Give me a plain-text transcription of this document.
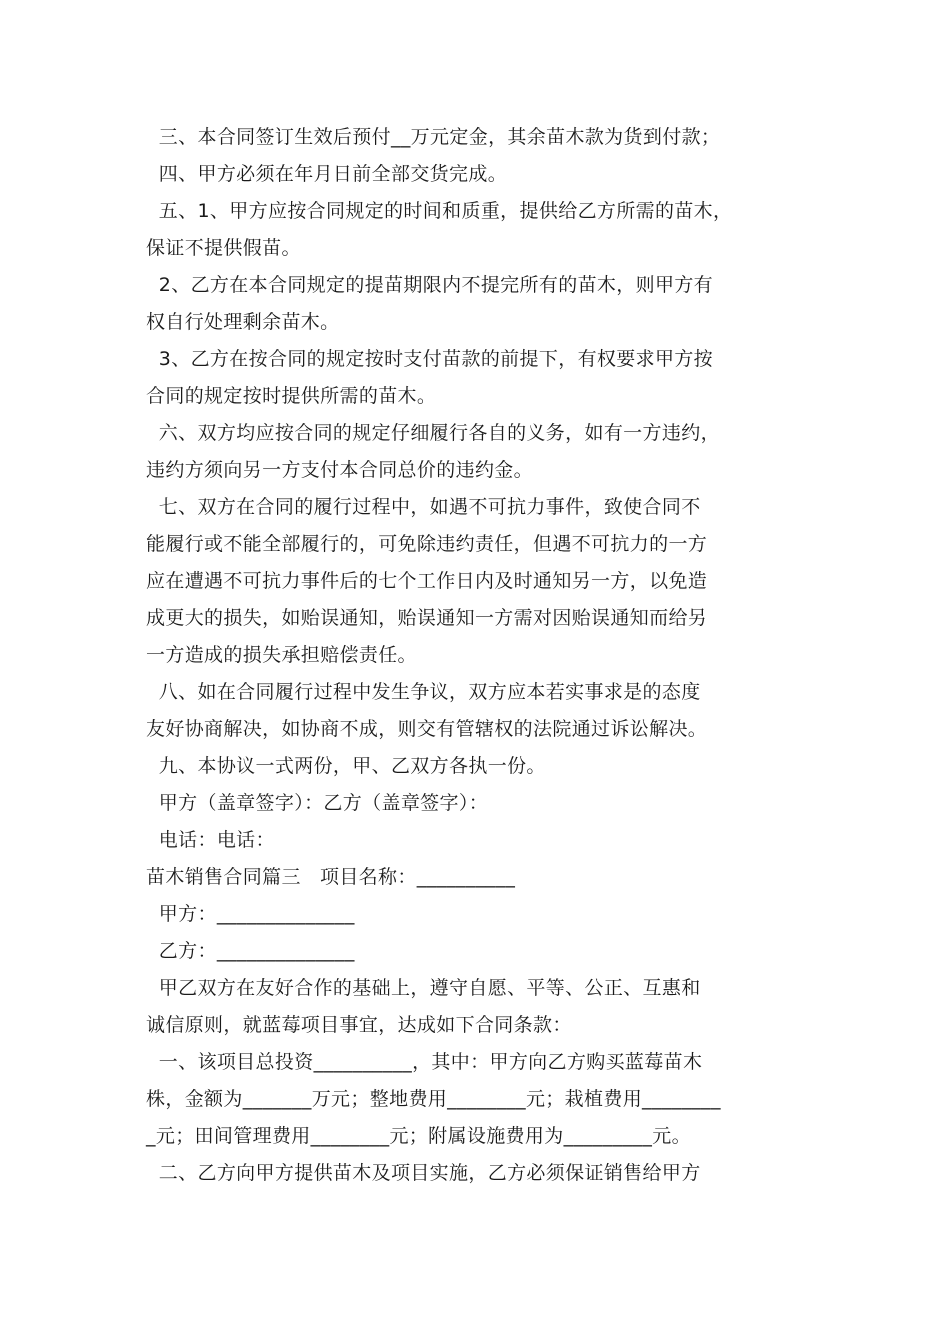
三、本合同签订生效后预付__万元定金，其余苗木款为货到付款；
四、甲方必须在年月日前全部交货完成。
五、1、甲方应按合同规定的时间和质重，提供给乙方所需的苗木，
保证不提供假苗。
2、乙方在本合同规定的提苗期限内不提完所有的苗木，则甲方有
权自行处理剩余苗木。
3、乙方在按合同的规定按时支付苗款的前提下，有权要求甲方按
合同的规定按时提供所需的苗木。
六、双方均应按合同的规定仔细履行各自的义务，如有一方违约，
违约方须向另一方支付本合同总价的违约金。
七、双方在合同的履行过程中，如遇不可抗力事件，致使合同不
能履行或不能全部履行的，可免除违约责任，但遇不可抗力的一方
应在遭遇不可抗力事件后的七个工作日内及时通知另一方，以免造
成更大的损失，如贻误通知，贻误通知一方需对因贻误通知而给另
一方造成的损失承担赔偿责任。
八、如在合同履行过程中发生争议，双方应本若实事求是的态度
友好协商解决，如协商不成，则交有管辖权的法院通过诉讼解决。
九、本协议一式两份，甲、乙双方各执一份。
甲方（盖章签字）：乙方（盖章签字）：
电话：电话：
苗木销售合同篇三   项目名称：__________
甲方：______________
乙方：______________
甲乙双方在友好合作的基础上，遵守自愿、平等、公正、互惠和
诚信原则，就蓝莓项目事宜，达成如下合同条款：
一、该项目总投资__________，其中：甲方向乙方购买蓝莓苗木
株，金额为_______万元；整地费用________元；栽植费用________
_元；田间管理费用________元；附属设施费用为_________元。
二、乙方向甲方提供苗木及项目实施，乙方必须保证销售给甲方
